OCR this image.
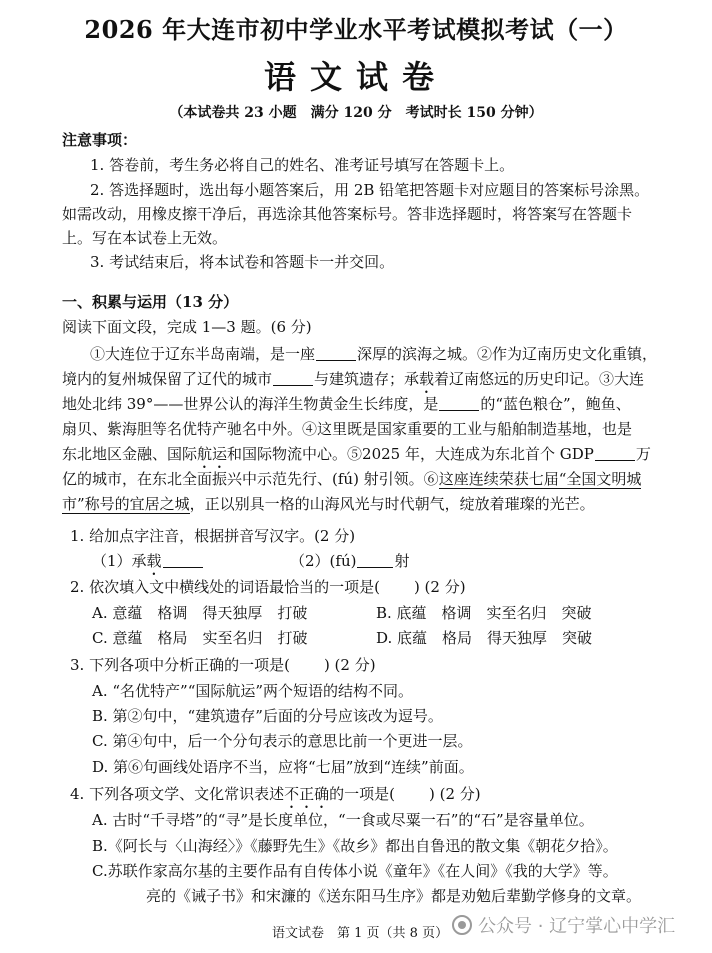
2026 年大连市初中学业水平考试模拟考试（一）
语文试卷
（本试卷共 23 小题　满分 120 分　考试时长 150 分钟）
注意事项：
1. 答卷前，考生务必将自己的姓名、准考证号填写在答题卡上。
2. 答选择题时，选出每小题答案后，用 2B 铅笔把答题卡对应题目的答案标号涂黑。
如需改动，用橡皮擦干净后，再选涂其他答案标号。答非选择题时，将答案写在答题卡
上。写在本试卷上无效。
3. 考试结束后，将本试卷和答题卡一并交回。
一、积累与运用（13 分）
阅读下面文段，完成 1—3 题。(6 分)
①大连位于辽东半岛南端，是一座	深厚的滨海之城。②作为辽南历史文化重镇，
境内的复州城保留了辽代的城市	与建筑遗存；承载着辽南悠远的历史印记。③大连
地处北纬 39°——世界公认的海洋生物黄金生长纬度，是	的“蓝色粮仓”，鲍鱼、
扇贝、紫海胆等名优特产驰名中外。④这里既是国家重要的工业与船舶制造基地，也是
东北地区金融、国际航运和国际物流中心。⑤2025 年，大连成为东北首个 GDP	万
亿的城市，在东北全面振兴中示范先行、(fú) 射引领。⑥这座连续荣获七届“全国文明城
市”称号的宜居之城，正以别具一格的山海风光与时代朝气，绽放着璀璨的光芒。
1. 给加点字注音，根据拼音写汉字。(2 分)
（1）承载	（2）(fú)	射
2. 依次填入文中横线处的词语最恰当的一项是( ) (2 分)
A. 意蕴　格调　得天独厚　打破	B. 底蕴　格调　实至名归　突破
C. 意蕴　格局　实至名归　打破	D. 底蕴　格局　得天独厚　突破
3. 下列各项中分析正确的一项是( ) (2 分)
A. “名优特产”“国际航运”两个短语的结构不同。
B. 第②句中，“建筑遗存”后面的分号应该改为逗号。
C. 第④句中，后一个分句表示的意思比前一个更进一层。
D. 第⑥句画线处语序不当，应将“七届”放到“连续”前面。
4. 下列各项文学、文化常识表述不正确的一项是( ) (2 分)
A. 古时“千寻塔”的“寻”是长度单位，“一食或尽粟一石”的“石”是容量单位。
B.《阿长与〈山海经〉》《藤野先生》《故乡》都出自鲁迅的散文集《朝花夕拾》。
C.苏联作家高尔基的主要作品有自传体小说《童年》《在人间》《我的大学》等。
亮的《诫子书》和宋濂的《送东阳马生序》都是劝勉后辈勤学修身的文章。
语文试卷　第 1 页（共 8 页） 公众号 · 辽宁掌心中学汇
